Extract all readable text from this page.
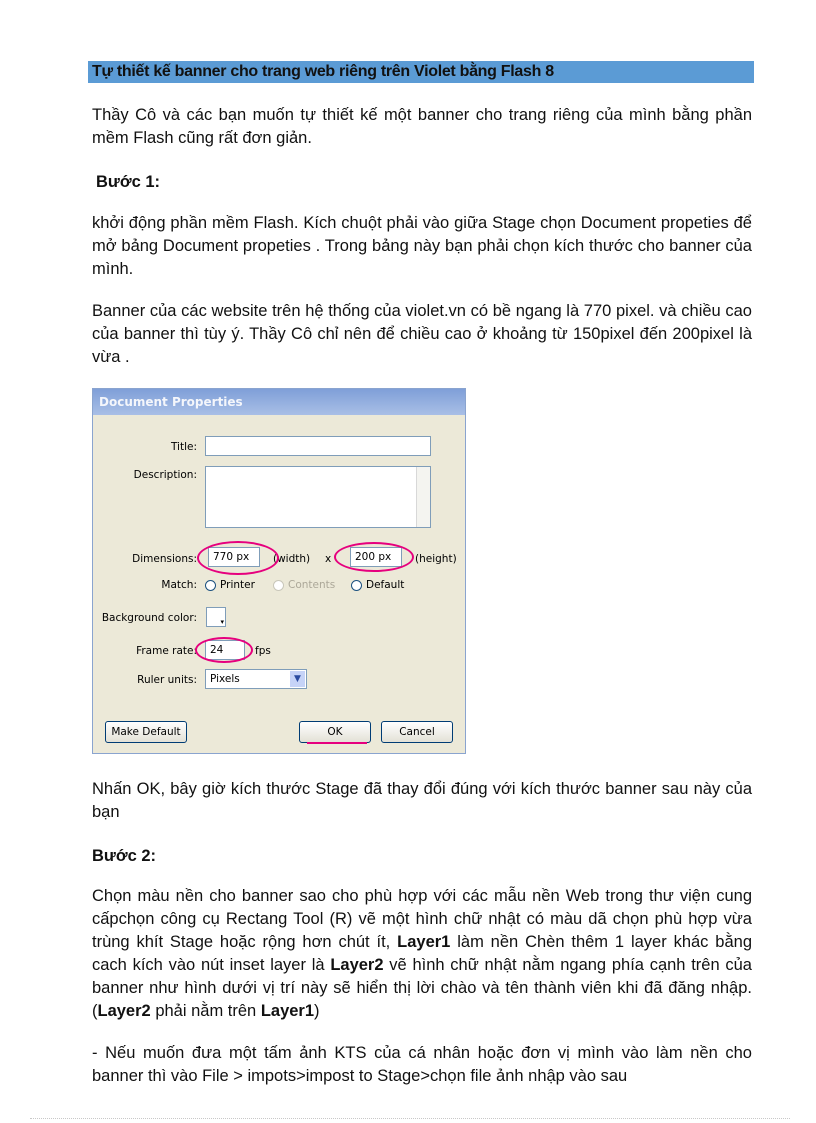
Tự thiết kế banner cho trang web riêng trên Violet bằng Flash 8

Thầy Cô và các bạn muốn tự thiết kế một banner cho trang riêng của mình bằng phần mềm Flash cũng rất đơn giản.

Bước 1:

khởi động phần mềm Flash. Kích chuột phải vào giữa Stage chọn Document propeties để mở bảng Document propeties . Trong bảng này bạn phải chọn kích thước cho banner của mình.

Banner của các website trên hệ thống của violet.vn có bề ngang là 770 pixel. và chiều cao của banner thì tùy ý. Thầy Cô chỉ nên để chiều cao ở khoảng từ 150pixel đến 200pixel là vừa .

Document Properties
Title:
Description:
Dimensions:	770 px	(width) x	200 px	(height)
Match: Printer	Contents	Default
Background color:	▾
Frame rate:	24	fps
Ruler units:	Pixels	▼
Make Default	OK	Cancel

Nhấn OK, bây giờ kích thước Stage đã thay đổi đúng với kích thước banner sau này của bạn

Bước 2:

Chọn màu nền cho banner sao cho phù hợp với các mẫu nền Web trong thư viện cung cấpchọn công cụ Rectang Tool (R) vẽ một hình chữ nhật có màu dã chọn phù hợp vừa trùng khít Stage hoặc rộng hơn chút ít, Layer1 làm nền Chèn thêm 1 layer khác bằng cach kích vào nút inset layer là Layer2 vẽ hình chữ nhật nằm ngang phía cạnh trên của banner như hình dưới vị trí này sẽ hiển thị lời chào và tên thành viên khi đã đăng nhập.(Layer2 phải nằm trên Layer1)

- Nếu muốn đưa một tấm ảnh KTS của cá nhân hoặc đơn vị mình vào làm nền cho banner thì vào File > impots>impost to Stage>chọn file ảnh nhập vào sau
